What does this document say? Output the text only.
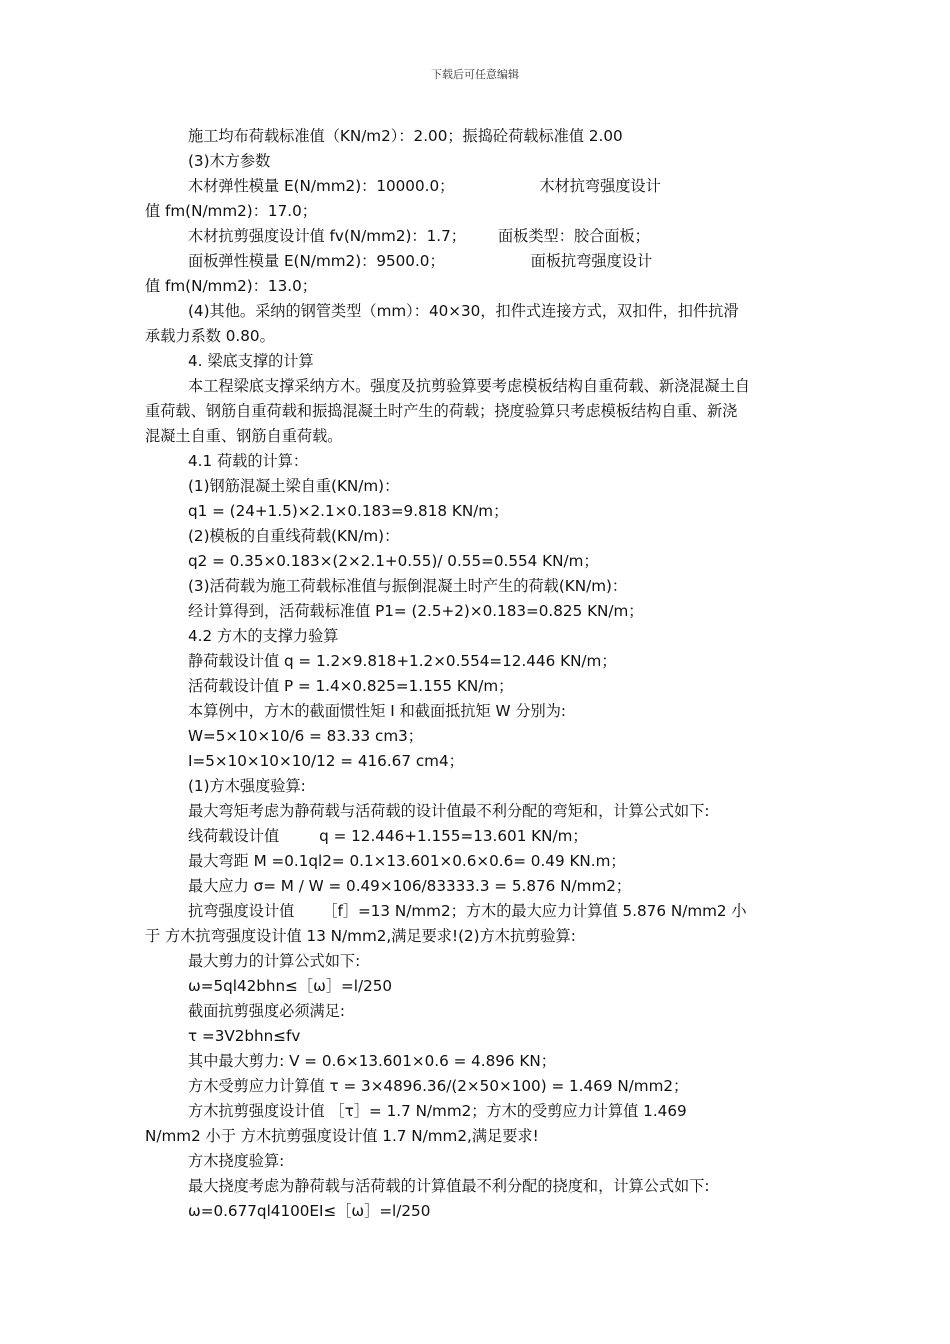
下载后可任意编辑
施工均布荷载标准值（KN/m2）：2.00；振捣砼荷载标准值 2.00
(3)木方参数
木材弹性模量 E(N/mm2)：10000.0；	木材抗弯强度设计
值 fm(N/mm2)：17.0；
木材抗剪强度设计值 fv(N/mm2)：1.7； 面板类型：胶合面板；
面板弹性模量 E(N/mm2)：9500.0；	面板抗弯强度设计
值 fm(N/mm2)：13.0；
(4)其他。采纳的钢管类型（mm）：40×30，扣件式连接方式，双扣件，扣件抗滑
承载力系数 0.80。
4. 梁底支撑的计算
本工程梁底支撑采纳方木。强度及抗剪验算要考虑模板结构自重荷载、新浇混凝土自
重荷载、钢筋自重荷载和振捣混凝土时产生的荷载；挠度验算只考虑模板结构自重、新浇
混凝土自重、钢筋自重荷载。
4.1 荷载的计算：
(1)钢筋混凝土梁自重(KN/m)：
q1 = (24+1.5)×2.1×0.183=9.818 KN/m；
(2)模板的自重线荷载(KN/m)：
q2 = 0.35×0.183×(2×2.1+0.55)/ 0.55=0.554 KN/m；
(3)活荷载为施工荷载标准值与振倒混凝土时产生的荷载(KN/m)：
经计算得到，活荷载标准值 P1= (2.5+2)×0.183=0.825 KN/m；
4.2 方木的支撑力验算
静荷载设计值 q = 1.2×9.818+1.2×0.554=12.446 KN/m；
活荷载设计值 P = 1.4×0.825=1.155 KN/m；
本算例中，方木的截面惯性矩 I 和截面抵抗矩 W 分别为:
W=5×10×10/6 = 83.33 cm3；
I=5×10×10×10/12 = 416.67 cm4；
(1)方木强度验算:
最大弯矩考虑为静荷载与活荷载的设计值最不利分配的弯矩和，计算公式如下:
线荷载设计值	q = 12.446+1.155=13.601 KN/m；
最大弯距 M =0.1ql2= 0.1×13.601×0.6×0.6= 0.49 KN.m；
最大应力 σ= M / W = 0.49×106/83333.3 = 5.876 N/mm2；
抗弯强度设计值 ［f］=13 N/mm2；方木的最大应力计算值 5.876 N/mm2 小
于 方木抗弯强度设计值 13 N/mm2,满足要求!(2)方木抗剪验算:
最大剪力的计算公式如下:
ω=5ql42bhn≤［ω］=l/250
截面抗剪强度必须满足:
τ =3V2bhn≤fv
其中最大剪力: V = 0.6×13.601×0.6 = 4.896 KN；
方木受剪应力计算值 τ = 3×4896.36/(2×50×100) = 1.469 N/mm2；
方木抗剪强度设计值 ［τ］= 1.7 N/mm2；方木的受剪应力计算值 1.469
N/mm2 小于 方木抗剪强度设计值 1.7 N/mm2,满足要求!
方木挠度验算:
最大挠度考虑为静荷载与活荷载的计算值最不利分配的挠度和，计算公式如下:
ω=0.677ql4100EI≤［ω］=l/250
